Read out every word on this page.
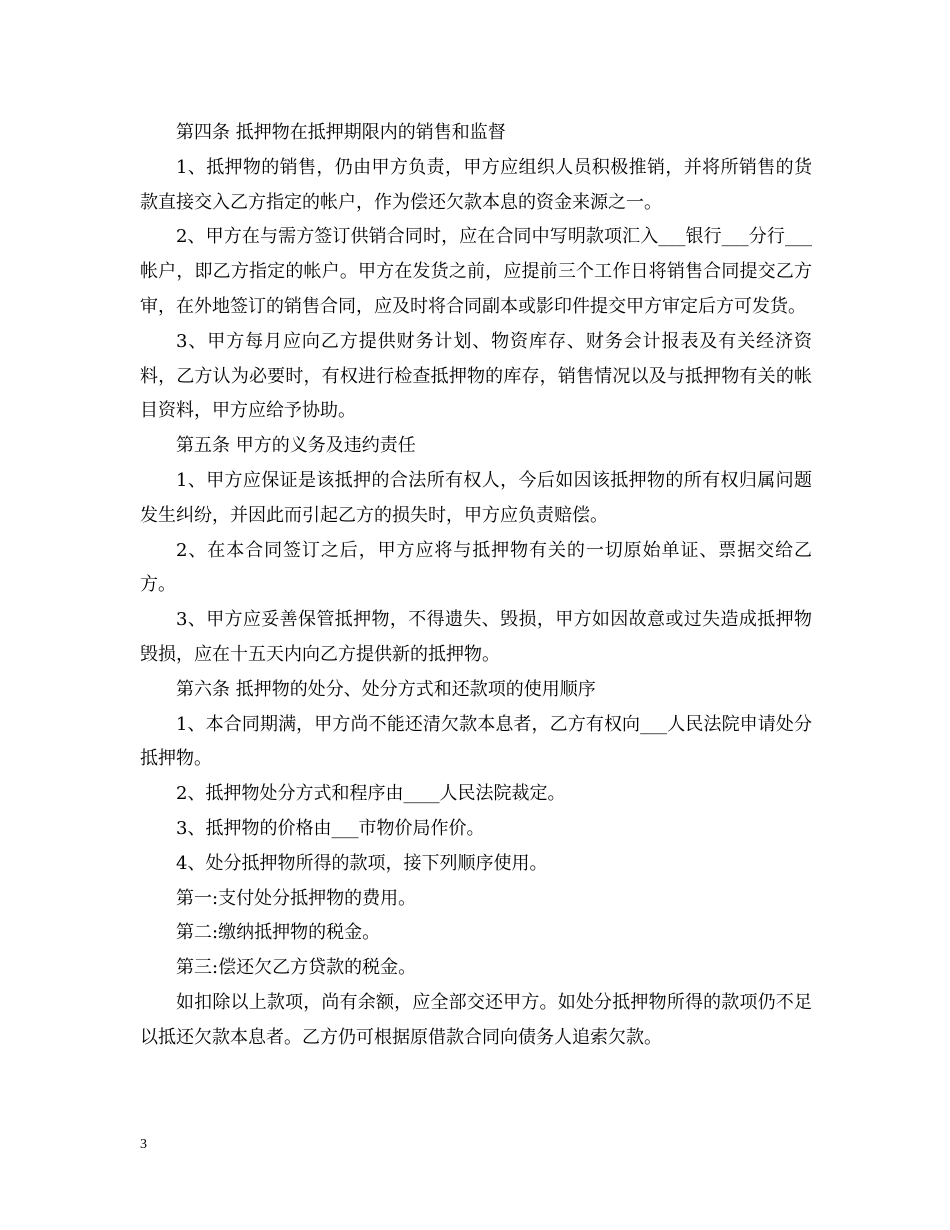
第四条 抵押物在抵押期限内的销售和监督

1、抵押物的销售，仍由甲方负责，甲方应组织人员积极推销，并将所销售的货款直接交入乙方指定的帐户，作为偿还欠款本息的资金来源之一。

2、甲方在与需方签订供销合同时，应在合同中写明款项汇入___银行___分行___帐户，即乙方指定的帐户。甲方在发货之前，应提前三个工作日将销售合同提交乙方审，在外地签订的销售合同，应及时将合同副本或影印件提交甲方审定后方可发货。

3、甲方每月应向乙方提供财务计划、物资库存、财务会计报表及有关经济资料，乙方认为必要时，有权进行检查抵押物的库存，销售情况以及与抵押物有关的帐目资料，甲方应给予协助。

第五条 甲方的义务及违约责任

1、甲方应保证是该抵押的合法所有权人，今后如因该抵押物的所有权归属问题发生纠纷，并因此而引起乙方的损失时，甲方应负责赔偿。

2、在本合同签订之后，甲方应将与抵押物有关的一切原始单证、票据交给乙方。

3、甲方应妥善保管抵押物，不得遗失、毁损，甲方如因故意或过失造成抵押物毁损，应在十五天内向乙方提供新的抵押物。

第六条 抵押物的处分、处分方式和还款项的使用顺序

1、本合同期满，甲方尚不能还清欠款本息者，乙方有权向___人民法院申请处分抵押物。

2、抵押物处分方式和程序由____人民法院裁定。

3、抵押物的价格由___市物价局作价。

4、处分抵押物所得的款项，接下列顺序使用。

第一:支付处分抵押物的费用。

第二:缴纳抵押物的税金。

第三:偿还欠乙方贷款的税金。

如扣除以上款项，尚有余额，应全部交还甲方。如处分抵押物所得的款项仍不足以抵还欠款本息者。乙方仍可根据原借款合同向债务人追索欠款。

3
